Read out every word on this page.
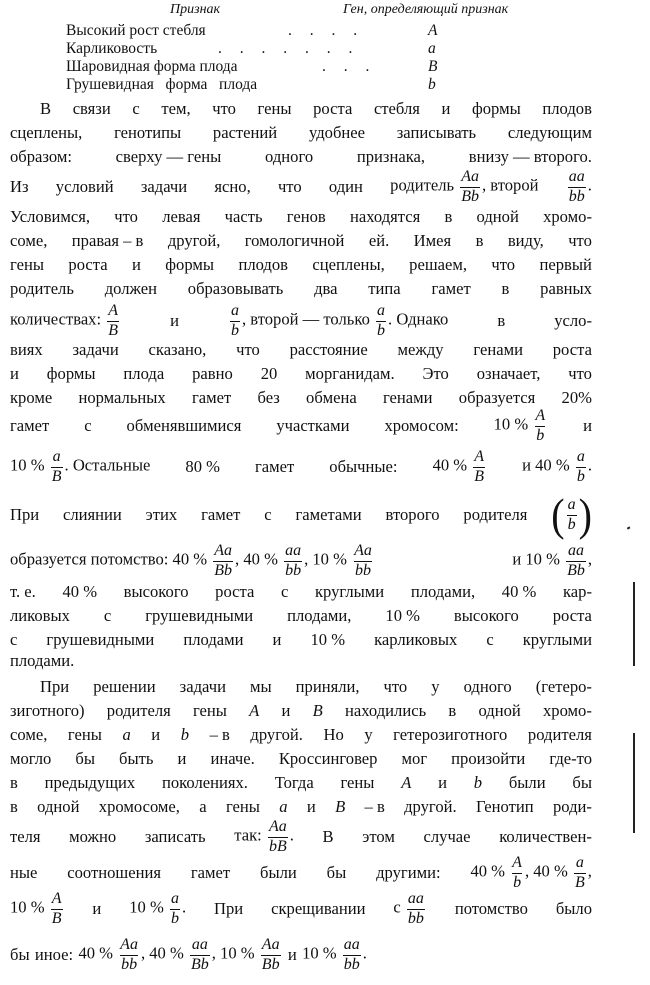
Признак	Ген, определяющий признак
Высокий рост стебля	. . . .	A
Карликовость	. . . . . . .	a
Шаровидная форма плода	. . .	B
Грушевидная   форма   плода	b
В связи с тем, что гены роста стебля и формы плодов
сцеплены, генотипы растений удобнее записывать следующим
образом:	сверху — гены	одного	признака,	внизу — второго.
Из условий задачи ясно, что один родитель $\frac{Aa}{Bb}$ , второй $\frac{aa}{bb}$ .
Условимся, что левая часть генов находятся в одной хромо-
соме, правая – в другой, гомологичной ей. Имея в виду, что
гены роста и формы плодов сцеплены, решаем, что первый
родитель должен образовывать два типа гамет в равных
количествах: $\frac{A}{B}$	и	$\frac{a}{b}$ , второй — только $\frac{a}{b}$ . Однако	в	усло-
виях задачи сказано, что расстояние между генами роста
и формы плода равно 20 морганидам. Это означает, что
кроме нормальных гамет без обмена генами образуется 20%
гамет с обменявшимися участками хромосом: 10 % $\frac{A}{b}$ и
10 % $\frac{a}{B}$ . Остальные 80 % гамет обычные: 40 % $\frac{A}{B}$ и 40 % $\frac{a}{b}$ .
При слиянии этих гамет с гаметами второго родителя ( $\frac{a}{b}$ )
образуется потомство: 40 % $\frac{Aa}{Bb}$ , 40 % $\frac{aa}{bb}$ , 10 % $\frac{Aa}{bb}$	и 10 % $\frac{aa}{Bb}$ ,
т. е. 40 % высокого роста с круглыми плодами, 40 % кар-
ликовых с грушевидными плодами, 10 % высокого роста
с грушевидными плодами и 10 % карликовых с круглыми
плодами.
При решении задачи мы приняли, что у одного (гетеро-
зиготного) родителя гены A и B находились в одной хромо-
соме, гены a и b – в другой. Но у гетерозиготного родителя
могло бы быть и иначе. Кроссинговер мог произойти где-то
в предыдущих поколениях. Тогда гены A и b были бы
в одной хромосоме, а гены a и B – в другой. Генотип роди-
теля можно записать так: $\frac{Aa}{bB}$ . В этом случае количествен-
ные соотношения гамет были бы другими: 40 % $\frac{A}{b}$ , 40 % $\frac{a}{B}$ ,
10 % $\frac{A}{B}$ и 10 % $\frac{a}{b}$ . При скрещивании с $\frac{aa}{bb}$ потомство было
бы иное: 40 % $\frac{Aa}{bb}$ , 40 % $\frac{aa}{Bb}$ , 10 % $\frac{Aa}{Bb}$ и 10 % $\frac{aa}{bb}$ .
